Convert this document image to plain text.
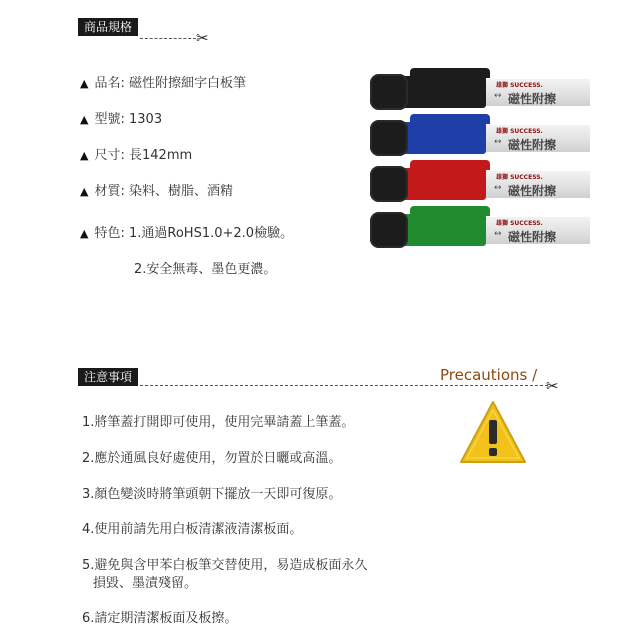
商品規格
✂
▲ 品名: 磁性附擦細字白板筆
▲ 型號: 1303
▲ 尺寸: 長142mm
▲ 材質: 染料、樹脂、酒精
▲ 特色: 1.通過RoHS1.0+2.0檢驗。
2.安全無毒、墨色更濃。
雄獅 SUCCESS.
↔ 磁性附擦
雄獅 SUCCESS.
↔ 磁性附擦
雄獅 SUCCESS.
↔ 磁性附擦
雄獅 SUCCESS.
↔ 磁性附擦
注意事項	Precautions /
✂
1.將筆蓋打開即可使用，使用完畢請蓋上筆蓋。
2.應於通風良好處使用，勿置於日曬或高溫。
3.顏色變淡時將筆頭朝下擺放一天即可復原。
4.使用前請先用白板清潔液清潔板面。
5.避免與含甲苯白板筆交替使用，易造成板面永久
損毀、墨漬殘留。
6.請定期清潔板面及板擦。
